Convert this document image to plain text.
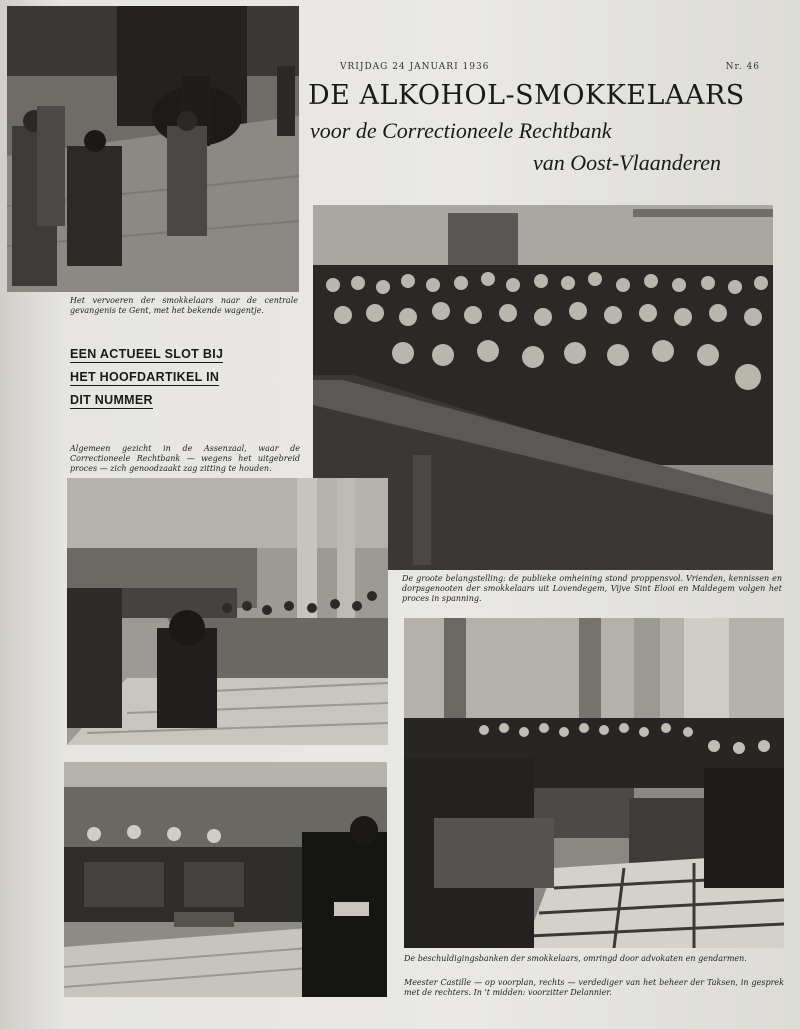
Het vervoeren der smokkelaars naar de centrale gevangenis te Gent, met het bekende wagentje.
VRIJDAG 24 JANUARI 1936	Nr. 46
DE ALKOHOL-SMOKKELAARS
voor de Correctioneele Rechtbank
van Oost-Vlaanderen
EEN ACTUEEL SLOT BIJ
HET HOOFDARTIKEL IN
DIT NUMMER
Algemeen gezicht in de Assenzaal, waar de Correctioneele Rechtbank — wegens het uitgebreid proces — zich genoodzaakt zag zitting te houden.
De groote belangstelling: de publieke omheining stond proppensvol. Vrienden, kennissen en dorpsgenooten der smokkelaars uit Lovendegem, Vijve Sint Elooi en Maldegem volgen het proces in spanning.
De beschuldigingsbanken der smokkelaars, omringd door advokaten en gendarmen.
Meester Castille — op voorplan, rechts — verdediger van het beheer der Taksen, in gesprek met de rechters. In 't midden: voorzitter Delannier.
